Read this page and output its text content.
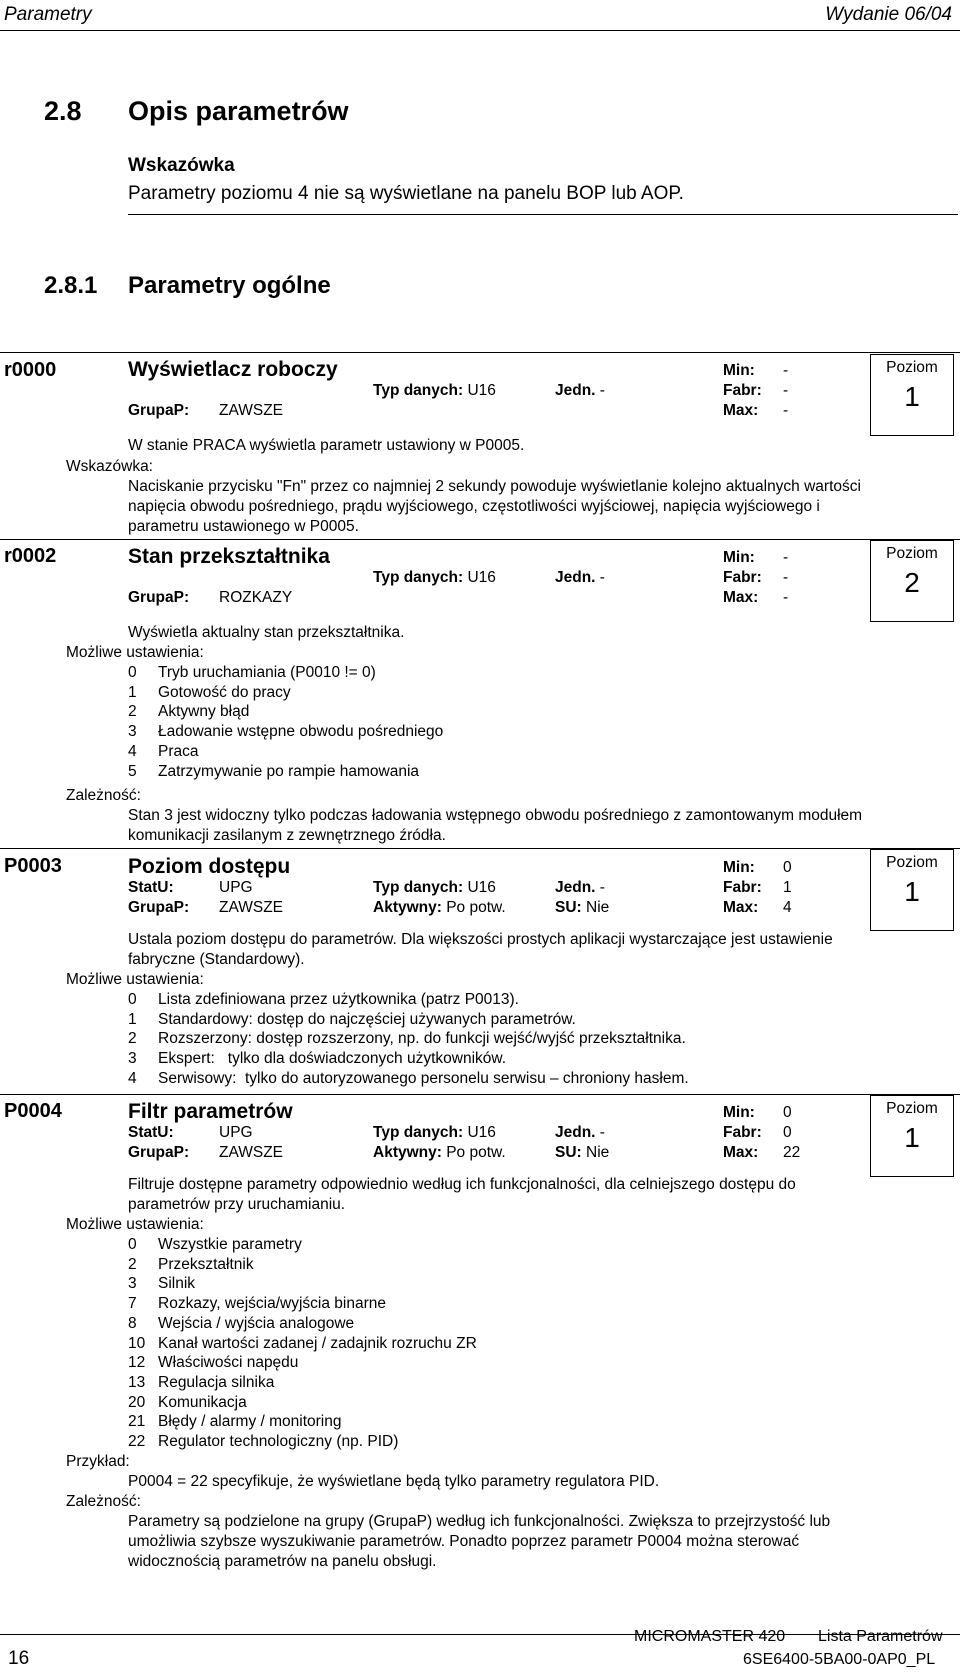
Parametry	Wydanie 06/04
2.8 Opis parametrów
Wskazówka
Parametry poziomu 4 nie są wyświetlane na panelu BOP lub AOP.
2.8.1 Parametry ogólne
r0000	Wyświetlacz roboczy	Min: -
Typ danych: U16	Jedn. -	Fabr: -
GrupaP: ZAWSZE	Max: -
Poziom
1
W stanie PRACA wyświetla parametr ustawiony w P0005.
Wskazówka:
Naciskanie przycisku "Fn" przez co najmniej 2 sekundy powoduje wyświetlanie kolejno aktualnych wartości
napięcia obwodu pośredniego, prądu wyjściowego, częstotliwości wyjściowej, napięcia wyjściowego i
parametru ustawionego w P0005.
r0002	Stan przekształtnika	Min: -
Typ danych: U16	Jedn. -	Fabr: -
GrupaP: ROZKAZY	Max: -
Poziom
2
Wyświetla aktualny stan przekształtnika.
Możliwe ustawienia:
0 Tryb uruchamiania (P0010 != 0)
1 Gotowość do pracy
2 Aktywny błąd
3 Ładowanie wstępne obwodu pośredniego
4 Praca
5 Zatrzymywanie po rampie hamowania
Zależność:
Stan 3 jest widoczny tylko podczas ładowania wstępnego obwodu pośredniego z zamontowanym modułem
komunikacji zasilanym z zewnętrznego źródła.
P0003	Poziom dostępu	Min: 0
StatU:	UPG	Typ danych: U16	Jedn. -	Fabr: 1
GrupaP: ZAWSZE	Aktywny: Po potw.	SU: Nie	Max: 4
Poziom
1
Ustala poziom dostępu do parametrów. Dla większości prostych aplikacji wystarczające jest ustawienie
fabryczne (Standardowy).
Możliwe ustawienia:
0 Lista zdefiniowana przez użytkownika (patrz P0013).
1 Standardowy: dostęp do najczęściej używanych parametrów.
2 Rozszerzony: dostęp rozszerzony, np. do funkcji wejść/wyjść przekształtnika.
3 Ekspert:   tylko dla doświadczonych użytkowników.
4 Serwisowy:  tylko do autoryzowanego personelu serwisu – chroniony hasłem.
P0004	Filtr parametrów	Min: 0
StatU:	UPG	Typ danych: U16	Jedn. -	Fabr: 0
GrupaP: ZAWSZE	Aktywny: Po potw.	SU: Nie	Max: 22
Poziom
1
Filtruje dostępne parametry odpowiednio według ich funkcjonalności, dla celniejszego dostępu do
parametrów przy uruchamianiu.
Możliwe ustawienia:
0 Wszystkie parametry
2 Przekształtnik
3 Silnik
7 Rozkazy, wejścia/wyjścia binarne
8 Wejścia / wyjścia analogowe
10 Kanał wartości zadanej / zadajnik rozruchu ZR
12 Właściwości napędu
13 Regulacja silnika
20 Komunikacja
21 Błędy / alarmy / monitoring
22 Regulator technologiczny (np. PID)
Przykład:
P0004 = 22 specyfikuje, że wyświetlane będą tylko parametry regulatora PID.
Zależność:
Parametry są podzielone na grupy (GrupaP) według ich funkcjonalności. Zwiększa to przejrzystość lub
umożliwia szybsze wyszukiwanie parametrów. Ponadto poprzez parametr P0004 można sterować
widocznością parametrów na panelu obsługi.
16
MICROMASTER 420 Lista Parametrów
6SE6400-5BA00-0AP0_PL
